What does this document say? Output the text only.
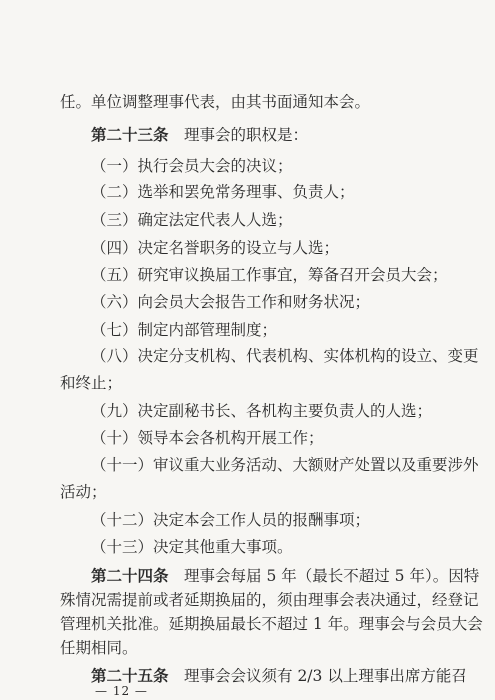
任。单位调整理事代表，由其书面通知本会。
第二十三条　理事会的职权是：
（一）执行会员大会的决议；
（二）选举和罢免常务理事、负责人；
（三）确定法定代表人人选；
（四）决定名誉职务的设立与人选；
（五）研究审议换届工作事宜，筹备召开会员大会；
（六）向会员大会报告工作和财务状况；
（七）制定内部管理制度；
（八）决定分支机构、代表机构、实体机构的设立、变更
和终止；
（九）决定副秘书长、各机构主要负责人的人选；
（十）领导本会各机构开展工作；
（十一）审议重大业务活动、大额财产处置以及重要涉外
活动；
（十二）决定本会工作人员的报酬事项；
（十三）决定其他重大事项。
第二十四条　理事会每届 5 年（最长不超过 5 年）。因特
殊情况需提前或者延期换届的，须由理事会表决通过，经登记
管理机关批准。延期换届最长不超过 1 年。理事会与会员大会
任期相同。
第二十五条　理事会会议须有 2/3 以上理事出席方能召
— 12 —
